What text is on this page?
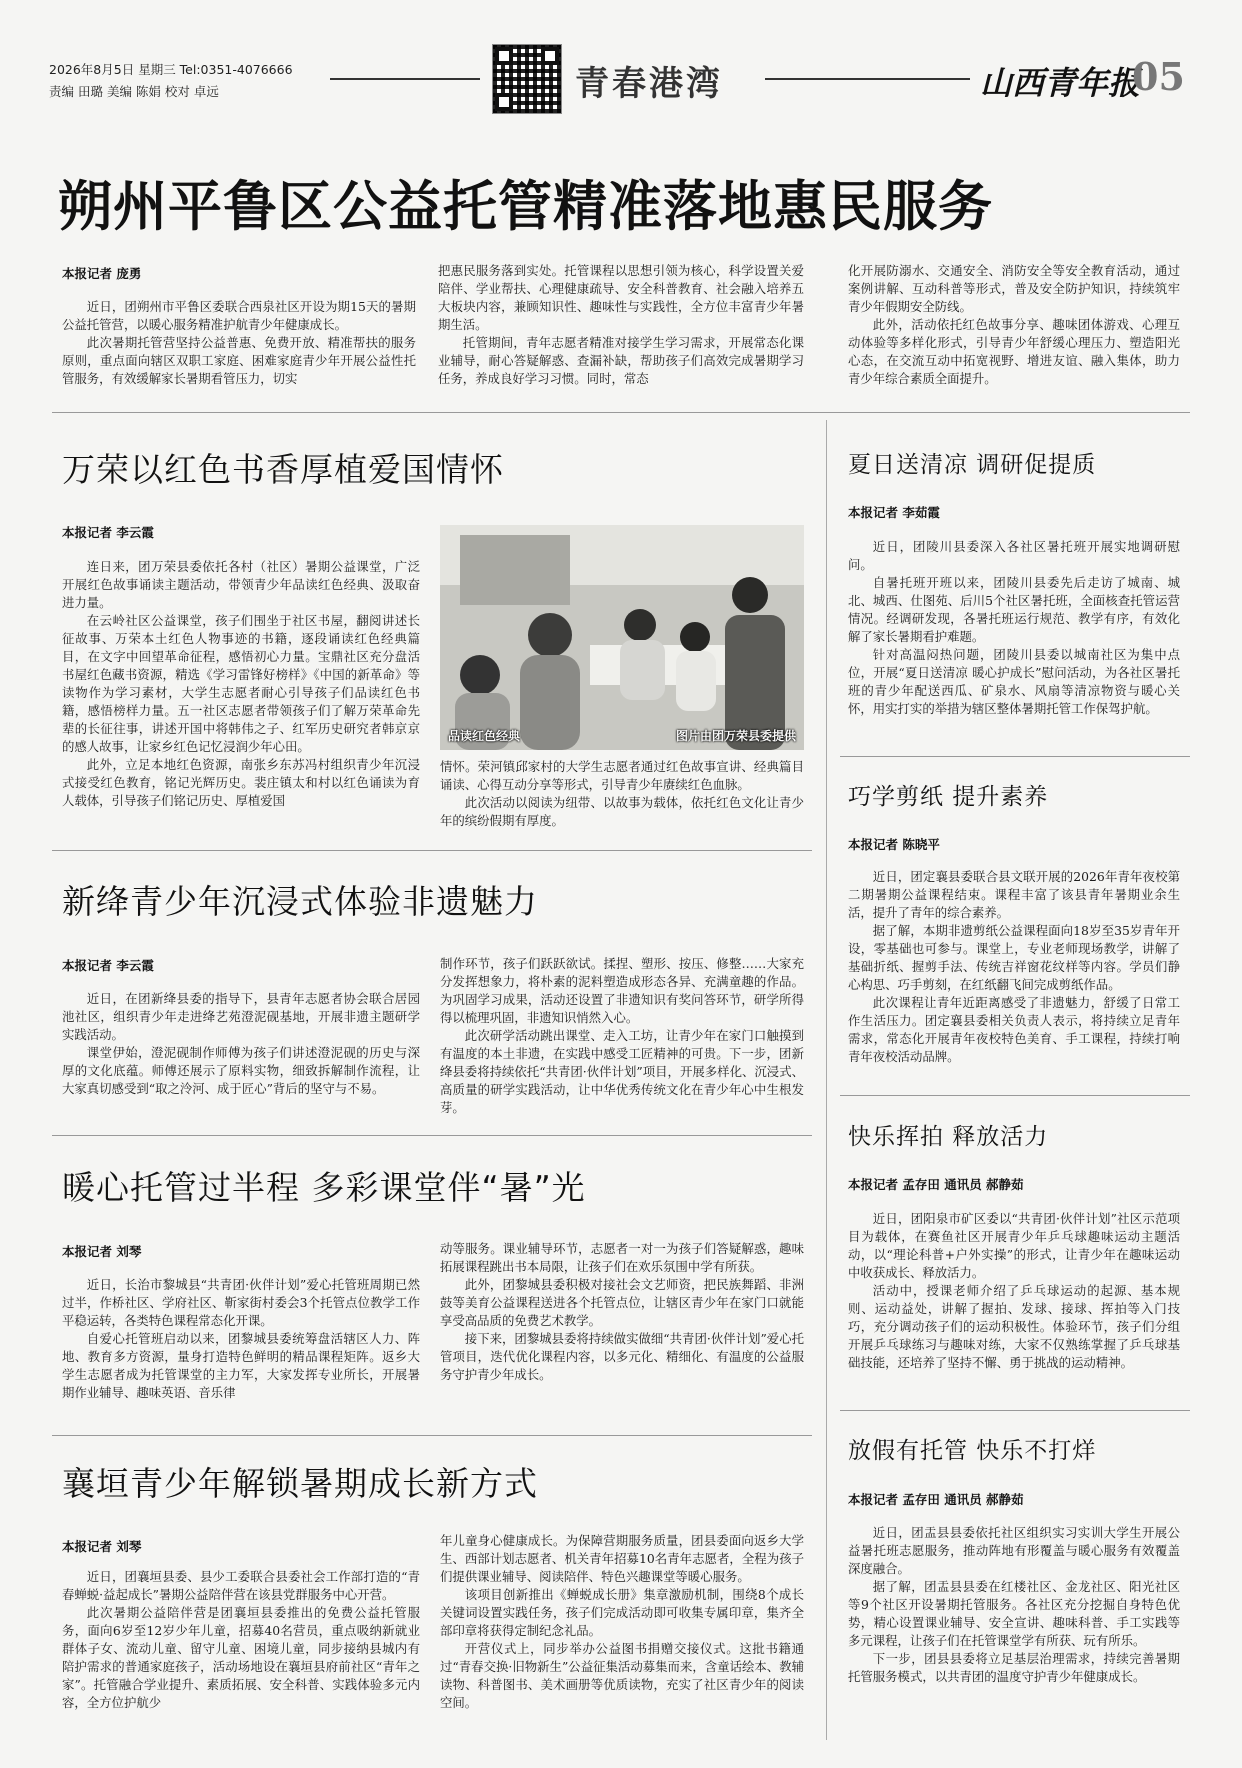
2026年8月5日 星期三 Tel:0351-4076666
责编 田璐 美编 陈娟 校对 卓远	青春港湾	山西青年报
05
朔州平鲁区公益托管精准落地惠民服务
本报记者 庞勇

近日，团朔州市平鲁区委联合西泉社区开设为期15天的暑期公益托管营，以暖心服务精准护航青少年健康成长。

此次暑期托管营坚持公益普惠、免费开放、精准帮扶的服务原则，重点面向辖区双职工家庭、困难家庭青少年开展公益性托管服务，有效缓解家长暑期看管压力，切实

把惠民服务落到实处。托管课程以思想引领为核心，科学设置关爱陪伴、学业帮扶、心理健康疏导、安全科普教育、社会融入培养五大板块内容，兼顾知识性、趣味性与实践性，全方位丰富青少年暑期生活。

托管期间，青年志愿者精准对接学生学习需求，开展常态化课业辅导，耐心答疑解惑、查漏补缺，帮助孩子们高效完成暑期学习任务，养成良好学习习惯。同时，常态

化开展防溺水、交通安全、消防安全等安全教育活动，通过案例讲解、互动科普等形式，普及安全防护知识，持续筑牢青少年假期安全防线。

此外，活动依托红色故事分享、趣味团体游戏、心理互动体验等多样化形式，引导青少年舒缓心理压力、塑造阳光心态，在交流互动中拓宽视野、增进友谊、融入集体，助力青少年综合素质全面提升。

万荣以红色书香厚植爱国情怀
本报记者 李云霞

连日来，团万荣县委依托各村（社区）暑期公益课堂，广泛开展红色故事诵读主题活动，带领青少年品读红色经典、汲取奋进力量。

在云岭社区公益课堂，孩子们围坐于社区书屋，翻阅讲述长征故事、万荣本土红色人物事迹的书籍，逐段诵读红色经典篇目，在文字中回望革命征程，感悟初心力量。宝鼎社区充分盘活书屋红色藏书资源，精选《学习雷锋好榜样》《中国的新革命》等读物作为学习素材，大学生志愿者耐心引导孩子们品读红色书籍，感悟榜样力量。五一社区志愿者带领孩子们了解万荣革命先辈的长征往事，讲述开国中将韩伟之子、红军历史研究者韩京京的感人故事，让家乡红色记忆浸润少年心田。

此外，立足本地红色资源，南张乡东苏冯村组织青少年沉浸式接受红色教育，铭记光辉历史。裴庄镇太和村以红色诵读为育人载体，引导孩子们铭记历史、厚植爱国

品读红色经典	图片由团万荣县委提供

情怀。荣河镇邱家村的大学生志愿者通过红色故事宣讲、经典篇目诵读、心得互动分享等形式，引导青少年赓续红色血脉。

此次活动以阅读为纽带、以故事为载体，依托红色文化让青少年的缤纷假期有厚度。

新绛青少年沉浸式体验非遗魅力
本报记者 李云霞

近日，在团新绛县委的指导下，县青年志愿者协会联合居园池社区，组织青少年走进绛艺苑澄泥砚基地，开展非遗主题研学实践活动。

课堂伊始，澄泥砚制作师傅为孩子们讲述澄泥砚的历史与深厚的文化底蕴。师傅还展示了原料实物，细致拆解制作流程，让大家真切感受到“取之泠河、成于匠心”背后的坚守与不易。

制作环节，孩子们跃跃欲试。揉捏、塑形、按压、修整……大家充分发挥想象力，将朴素的泥料塑造成形态各异、充满童趣的作品。为巩固学习成果，活动还设置了非遗知识有奖问答环节，研学所得得以梳理巩固，非遗知识悄然入心。

此次研学活动跳出课堂、走入工坊，让青少年在家门口触摸到有温度的本土非遗，在实践中感受工匠精神的可贵。下一步，团新绛县委将持续依托“共青团·伙伴计划”项目，开展多样化、沉浸式、高质量的研学实践活动，让中华优秀传统文化在青少年心中生根发芽。

暖心托管过半程 多彩课堂伴“暑”光
本报记者 刘琴

近日，长治市黎城县“共青团·伙伴计划”爱心托管班周期已然过半，作桥社区、学府社区、靳家街村委会3个托管点位教学工作平稳运转，各类特色课程常态化开课。

自爱心托管班启动以来，团黎城县委统筹盘活辖区人力、阵地、教育多方资源，量身打造特色鲜明的精品课程矩阵。返乡大学生志愿者成为托管课堂的主力军，大家发挥专业所长，开展暑期作业辅导、趣味英语、音乐律

动等服务。课业辅导环节，志愿者一对一为孩子们答疑解惑，趣味拓展课程跳出书本局限，让孩子们在欢乐氛围中学有所获。

此外，团黎城县委积极对接社会文艺师资，把民族舞蹈、非洲鼓等美育公益课程送进各个托管点位，让辖区青少年在家门口就能享受高品质的免费艺术教学。

接下来，团黎城县委将持续做实做细“共青团·伙伴计划”爱心托管项目，迭代优化课程内容，以多元化、精细化、有温度的公益服务守护青少年成长。

襄垣青少年解锁暑期成长新方式
本报记者 刘琴

近日，团襄垣县委、县少工委联合县委社会工作部打造的“青春蝉蜕·益起成长”暑期公益陪伴营在该县党群服务中心开营。

此次暑期公益陪伴营是团襄垣县委推出的免费公益托管服务，面向6岁至12岁少年儿童，招募40名营员，重点吸纳新就业群体子女、流动儿童、留守儿童、困境儿童，同步接纳县城内有陪护需求的普通家庭孩子，活动场地设在襄垣县府前社区“青年之家”。托管融合学业提升、素质拓展、安全科普、实践体验多元内容，全方位护航少

年儿童身心健康成长。为保障营期服务质量，团县委面向返乡大学生、西部计划志愿者、机关青年招募10名青年志愿者，全程为孩子们提供课业辅导、阅读陪伴、特色兴趣课堂等暖心服务。

该项目创新推出《蝉蜕成长册》集章激励机制，围绕8个成长关键词设置实践任务，孩子们完成活动即可收集专属印章，集齐全部印章将获得定制纪念礼品。

开营仪式上，同步举办公益图书捐赠交接仪式。这批书籍通过“青春交换·旧物新生”公益征集活动募集而来，含童话绘本、教辅读物、科普图书、美术画册等优质读物，充实了社区青少年的阅读空间。

夏日送清凉 调研促提质
本报记者 李茹霞

近日，团陵川县委深入各社区暑托班开展实地调研慰问。

自暑托班开班以来，团陵川县委先后走访了城南、城北、城西、仕图苑、后川5个社区暑托班，全面核查托管运营情况。经调研发现，各暑托班运行规范、教学有序，有效化解了家长暑期看护难题。

针对高温闷热问题，团陵川县委以城南社区为集中点位，开展“夏日送清凉 暖心护成长”慰问活动，为各社区暑托班的青少年配送西瓜、矿泉水、风扇等清凉物资与暖心关怀，用实打实的举措为辖区整体暑期托管工作保驾护航。

巧学剪纸 提升素养
本报记者 陈晓平

近日，团定襄县委联合县文联开展的2026年青年夜校第二期暑期公益课程结束。课程丰富了该县青年暑期业余生活，提升了青年的综合素养。

据了解，本期非遗剪纸公益课程面向18岁至35岁青年开设，零基础也可参与。课堂上，专业老师现场教学，讲解了基础折纸、握剪手法、传统吉祥窗花纹样等内容。学员们静心构思、巧手剪刻，在红纸翻飞间完成剪纸作品。

此次课程让青年近距离感受了非遗魅力，舒缓了日常工作生活压力。团定襄县委相关负责人表示，将持续立足青年需求，常态化开展青年夜校特色美育、手工课程，持续打响青年夜校活动品牌。

快乐挥拍 释放活力
本报记者 孟存田 通讯员 郝静茹

近日，团阳泉市矿区委以“共青团·伙伴计划”社区示范项目为载体，在赛鱼社区开展青少年乒乓球趣味运动主题活动，以“理论科普+户外实操”的形式，让青少年在趣味运动中收获成长、释放活力。

活动中，授课老师介绍了乒乓球运动的起源、基本规则、运动益处，讲解了握拍、发球、接球、挥拍等入门技巧，充分调动孩子们的运动积极性。体验环节，孩子们分组开展乒乓球练习与趣味对练，大家不仅熟练掌握了乒乓球基础技能，还培养了坚持不懈、勇于挑战的运动精神。

放假有托管 快乐不打烊
本报记者 孟存田 通讯员 郝静茹

近日，团盂县县委依托社区组织实习实训大学生开展公益暑托班志愿服务，推动阵地有形覆盖与暖心服务有效覆盖深度融合。

据了解，团盂县县委在红楼社区、金龙社区、阳光社区等9个社区开设暑期托管服务。各社区充分挖掘自身特色优势，精心设置课业辅导、安全宣讲、趣味科普、手工实践等多元课程，让孩子们在托管课堂学有所获、玩有所乐。

下一步，团县县委将立足基层治理需求，持续完善暑期托管服务模式，以共青团的温度守护青少年健康成长。
